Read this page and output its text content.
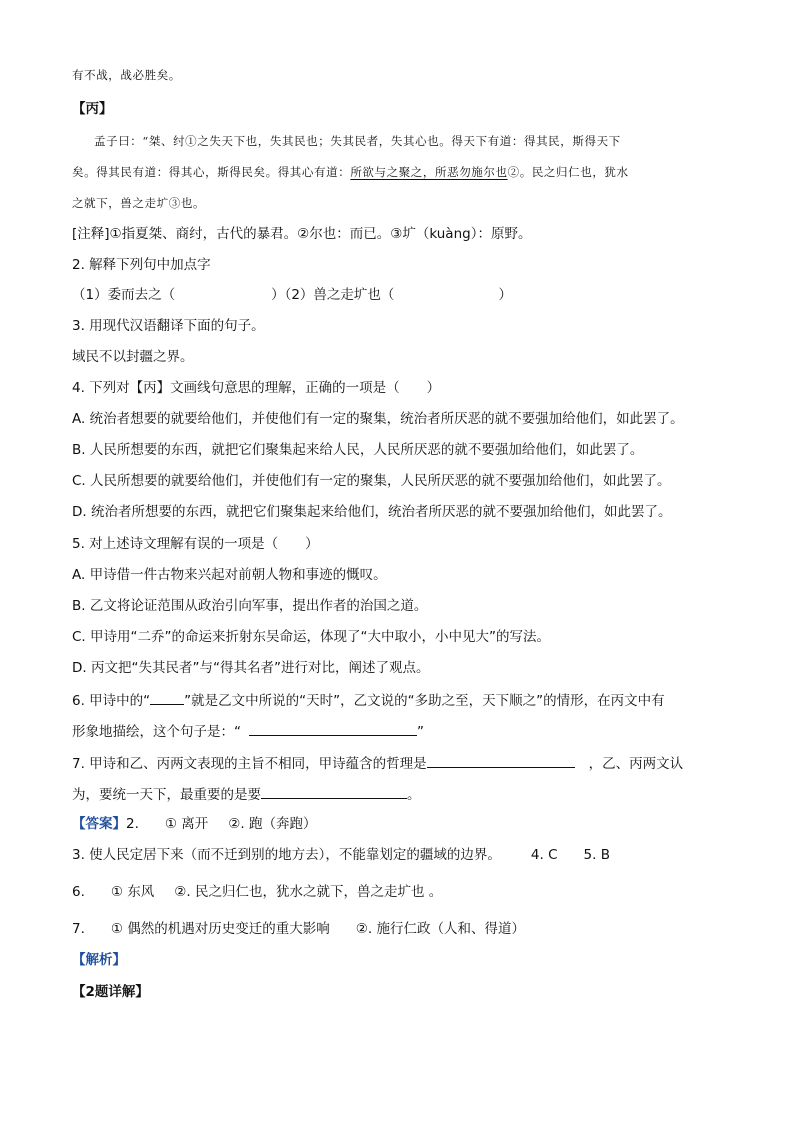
有不战，战必胜矣。
【丙】
孟子曰：“桀、纣①之失天下也，失其民也；失其民者，失其心也。得天下有道：得其民，斯得天下
矣。得其民有道：得其心，斯得民矣。得其心有道：所欲与之聚之，所恶勿施尔也②。民之归仁也，犹水
之就下，兽之走圹③也。
[注释]①指夏桀、商纣，古代的暴君。②尔也：而已。③圹（kuàng）：原野。
2. 解释下列句中加点字
（1）委而去之（	）（2）兽之走圹也（	）
3. 用现代汉语翻译下面的句子。
域民不以封疆之界。
4. 下列对【丙】文画线句意思的理解，正确的一项是（　　）
A. 统治者想要的就要给他们，并使他们有一定的聚集，统治者所厌恶的就不要强加给他们，如此罢了。
B. 人民所想要的东西，就把它们聚集起来给人民，人民所厌恶的就不要强加给他们，如此罢了。
C. 人民所想要的就要给他们，并使他们有一定的聚集，人民所厌恶的就不要强加给他们，如此罢了。
D. 统治者所想要的东西，就把它们聚集起来给他们，统治者所厌恶的就不要强加给他们，如此罢了。
5. 对上述诗文理解有误的一项是（　　）
A. 甲诗借一件古物来兴起对前朝人物和事迹的慨叹。
B. 乙文将论证范围从政治引向军事，提出作者的治国之道。
C. 甲诗用“二乔”的命运来折射东吴命运，体现了“大中取小，小中见大”的写法。
D. 丙文把“失其民者”与“得其名者”进行对比，阐述了观点。
6. 甲诗中的“	”就是乙文中所说的“天时”，乙文说的“多助之至，天下顺之”的情形，在丙文中有
形象地描绘，这个句子是：“	”
7. 甲诗和乙、丙两文表现的主旨不相同，甲诗蕴含的哲理是	，乙、丙两文认
为，要统一天下，最重要的是要	。
【答案】2. ① 离开 ②. 跑（奔跑）
3. 使人民定居下来（而不迁到别的地方去），不能靠划定的疆域的边界。 4. C 5. B
6. ① 东风 ②. 民之归仁也，犹水之就下，兽之走圹也 。
7. ① 偶然的机遇对历史变迁的重大影响 ②. 施行仁政（人和、得道）
【解析】
【2题详解】
